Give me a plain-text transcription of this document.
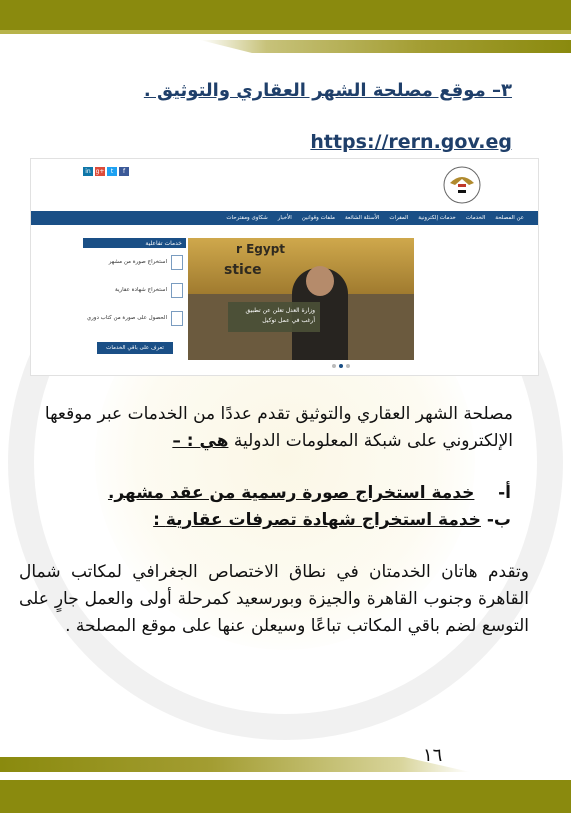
٣– موقع مصلحة الشهر العقاري والتوثيق .
https://rern.gov.eg
in g+	t	f
عن المصلحة
الخدمات
خدمات إلكترونية
المقرات
الأسئلة الشائعة
ملفات وقوانين
الأخبار
شكاوى ومقترحات
r Egypt
stice
وزارة العدل تعلن عن تطبيق أرغب في عمل توكيل
خدمات تفاعلية
استخراج صورة من مشهر
استخراج شهادة عقارية
الحصول على صورة من كتاب دوري
تعرف على باقي الخدمات

مصلحة الشهر العقاري والتوثيق تقدم عددًا من الخدمات عبر موقعها الإلكتروني على شبكة المعلومات الدولية هي : –

أ-    خدمة استخراج صورة رسمية من عقد مشهر.

ب- خدمة استخراج شهادة تصرفات عقارية :

وتقدم هاتان الخدمتان في نطاق الاختصاص الجغرافي لمكاتب شمال القاهرة وجنوب القاهرة والجيزة وبورسعيد كمرحلة أولى والعمل جارٍ على التوسع لضم باقي المكاتب تباعًا وسيعلن عنها على موقع المصلحة .

١٦
